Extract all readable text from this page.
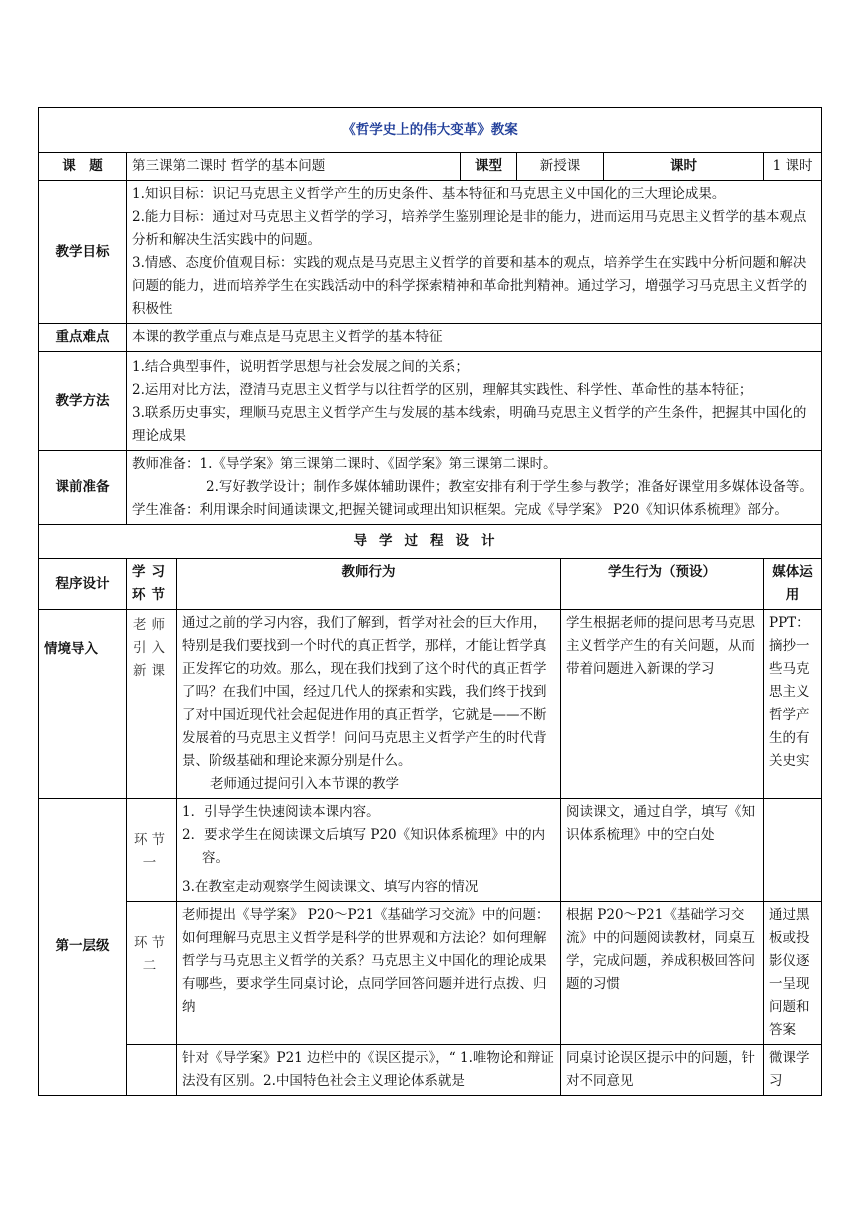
《哲学史上的伟大变革》教案							
课　题	第三课第二课时 哲学的基本问题		课型	新授课		课时	1 课时
教学目标	1.知识目标：识记马克思主义哲学产生的历史条件、基本特征和马克思主义中国化的三大理论成果。

2.能力目标：通过对马克思主义哲学的学习，培养学生鉴别理论是非的能力，进而运用马克思主义哲学的基本观点分析和解决生活实践中的问题。

3.情感、态度价值观目标：实践的观点是马克思主义哲学的首要和基本的观点，培养学生在实践中分析问题和解决问题的能力，进而培养学生在实践活动中的科学探索精神和革命批判精神。通过学习，增强学习马克思主义哲学的积极性						

重点难点	本课的教学重点与难点是马克思主义哲学的基本特征						
教学方法	1.结合典型事件，说明哲学思想与社会发展之间的关系；

2.运用对比方法，澄清马克思主义哲学与以往哲学的区别，理解其实践性、科学性、革命性的基本特征；

3.联系历史事实，理顺马克思主义哲学产生与发展的基本线索，明确马克思主义哲学的产生条件，把握其中国化的理论成果						

课前准备	教师准备：1.《导学案》第三课第二课时、《固学案》第三课第二课时。

2.写好教学设计；制作多媒体辅助课件；教室安排有利于学生参与教学；准备好课堂用多媒体设备等。

学生准备：利用课余时间通读课文,把握关键词或理出知识框架。完成《导学案》 P20《知识体系梳理》部分。						

导学过程设计							
程序设计	学习环节	教师行为			学生行为（预设）		媒体运用
情境导入	老师引入新课	通过之前的学习内容，我们了解到，哲学对社会的巨大作用，特别是我们要找到一个时代的真正哲学，那样，才能让哲学真正发挥它的功效。那么，现在我们找到了这个时代的真正哲学了吗？在我们中国，经过几代人的探索和实践，我们终于找到了对中国近现代社会起促进作用的真正哲学，它就是——不断发展着的马克思主义哲学！问问马克思主义哲学产生的时代背景、阶级基础和理论来源分别是什么。

老师通过提问引入本节课的教学			学生根据老师的提问思考马克思主义哲学产生的有关问题，从而带着问题进入新课的学习		PPT：摘抄一些马克思主义哲学产生的有关史实
第一层级	环节一	1．引导学生快速阅读本课内容。

2．要求学生在阅读课文后填写 P20《知识体系梳理》中的内容。

3.在教室走动观察学生阅读课文、填写内容的情况			阅读课文，通过自学，填写《知识体系梳理》中的空白处		
	环节二	老师提出《导学案》 P20～P21《基础学习交流》中的问题：如何理解马克思主义哲学是科学的世界观和方法论？如何理解哲学与马克思主义哲学的关系？马克思主义中国化的理论成果有哪些，要求学生同桌讨论，点同学回答问题并进行点拨、归纳			根据 P20～P21《基础学习交流》中的问题阅读教材，同桌互学，完成问题，养成积极回答问题的习惯		通过黑板或投影仪逐一呈现问题和答案
		针对《导学案》P21 边栏中的《误区提示》，“ 1.唯物论和辩证法没有区别。2.中国特色社会主义理论体系就是			同桌讨论误区提示中的问题，针对不同意见		微课学习
